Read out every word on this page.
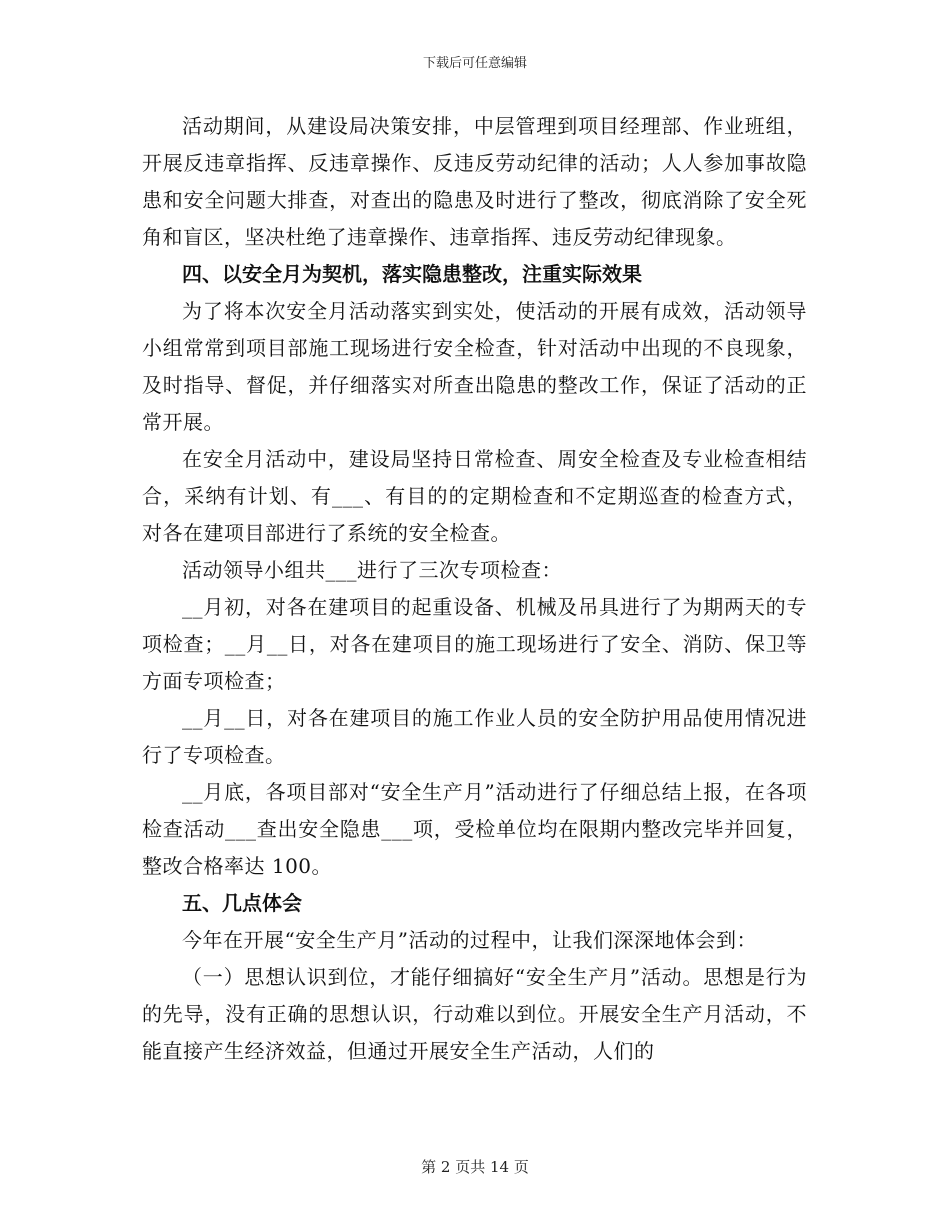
下载后可任意编辑

活动期间，从建设局决策安排，中层管理到项目经理部、作业班组，开展反违章指挥、反违章操作、反违反劳动纪律的活动；人人参加事故隐患和安全问题大排查，对查出的隐患及时进行了整改，彻底消除了安全死角和盲区，坚决杜绝了违章操作、违章指挥、违反劳动纪律现象。

四、以安全月为契机，落实隐患整改，注重实际效果

为了将本次安全月活动落实到实处，使活动的开展有成效，活动领导小组常常到项目部施工现场进行安全检查，针对活动中出现的不良现象，及时指导、督促，并仔细落实对所查出隐患的整改工作，保证了活动的正常开展。

在安全月活动中，建设局坚持日常检查、周安全检查及专业检查相结合，采纳有计划、有___、有目的的定期检查和不定期巡查的检查方式，对各在建项目部进行了系统的安全检查。

活动领导小组共___进行了三次专项检查：

__月初，对各在建项目的起重设备、机械及吊具进行了为期两天的专项检查；__月__日，对各在建项目的施工现场进行了安全、消防、保卫等方面专项检查；

__月__日，对各在建项目的施工作业人员的安全防护用品使用情况进行了专项检查。

__月底，各项目部对“安全生产月”活动进行了仔细总结上报，在各项检查活动___查出安全隐患___项，受检单位均在限期内整改完毕并回复，整改合格率达 100。

五、几点体会

今年在开展“安全生产月”活动的过程中，让我们深深地体会到：

（一）思想认识到位，才能仔细搞好“安全生产月”活动。思想是行为的先导，没有正确的思想认识，行动难以到位。开展安全生产月活动，不能直接产生经济效益，但通过开展安全生产活动，人们的

第 2 页共 14 页
